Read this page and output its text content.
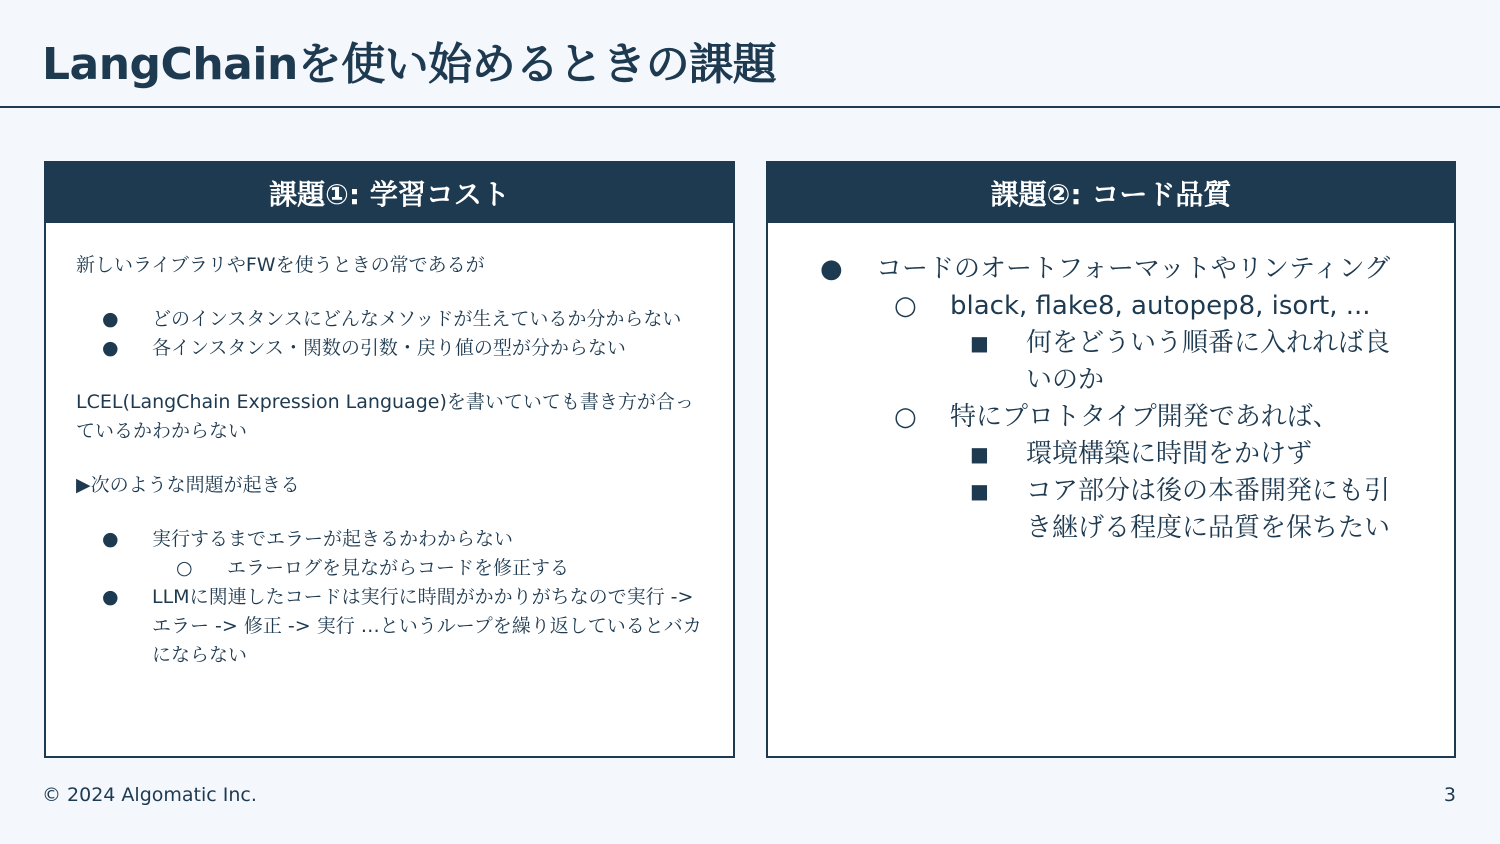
LangChainを使い始めるときの課題
課題①: 学習コスト

新しいライブラリやFWを使うときの常であるが

● どのインスタンスにどんなメソッドが生えているか分からない
● 各インスタンス・関数の引数・戻り値の型が分からない

LCEL(LangChain Expression Language)を書いていても書き方が合っているかわからない

▶次のような問題が起きる

● 実行するまでエラーが起きるかわからない
○ エラーログを見ながらコードを修正する
● LLMに関連したコードは実行に時間がかかりがちなので実行 -> エラー -> 修正 -> 実行 …というループを繰り返しているとバカにならない
課題②: コード品質
● コードのオートフォーマットやリンティング
○ black, flake8, autopep8, isort, ...
■ 何をどういう順番に入れれば良いのか
○ 特にプロトタイプ開発であれば、
■ 環境構築に時間をかけず
■ コア部分は後の本番開発にも引き継げる程度に品質を保ちたい
© 2024 Algomatic Inc.	3
